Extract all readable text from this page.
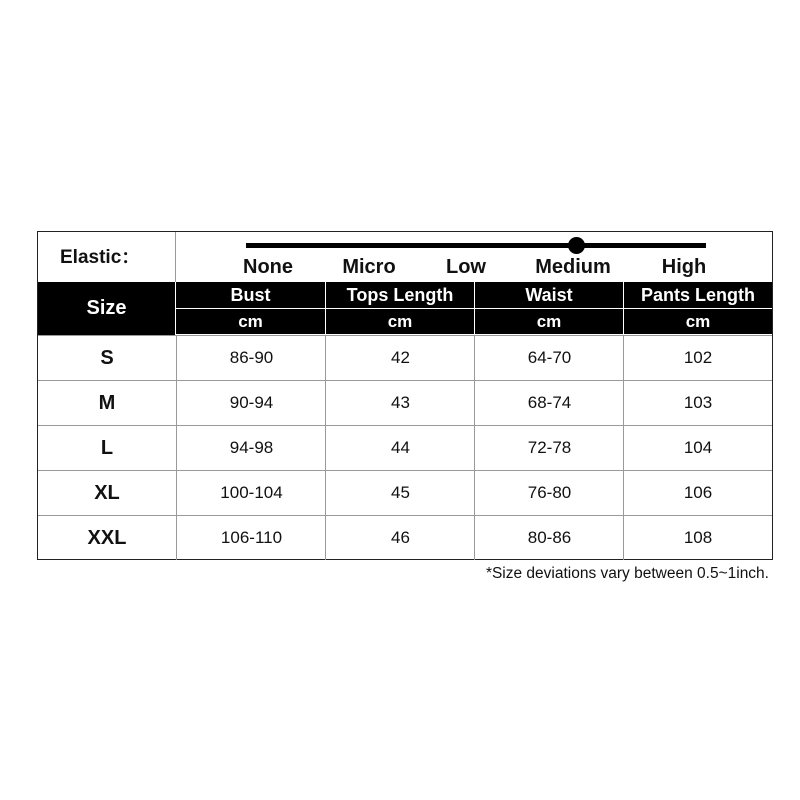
Elastic：	None Micro	Low Medium	High
Size
Bust	Tops Length	Waist	Pants Length
cm	cm	cm	cm
S	86-90	42	64-70	102
M	90-94	43	68-74	103
L	94-98	44	72-78	104
XL	100-104	45	76-80	106
XXL	106-110	46	80-86	108
*Size deviations vary between 0.5~1inch.
